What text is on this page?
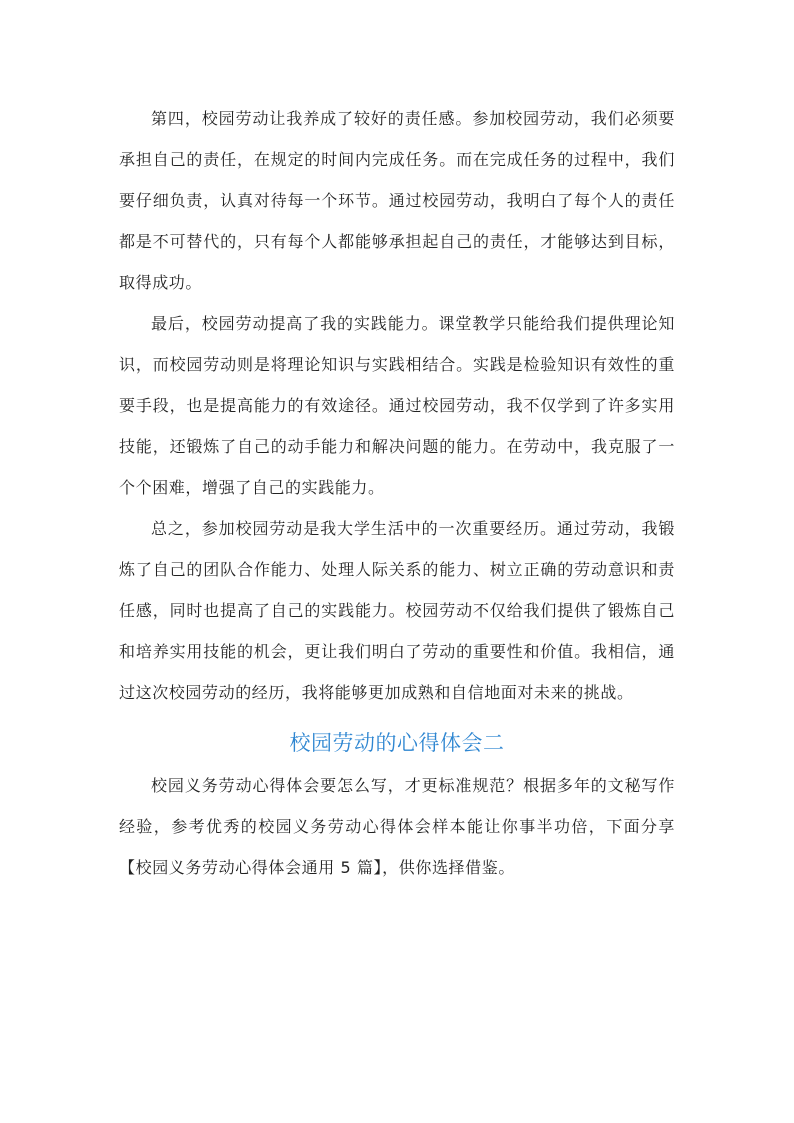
第四，校园劳动让我养成了较好的责任感。参加校园劳动，我们必须要承担自己的责任，在规定的时间内完成任务。而在完成任务的过程中，我们要仔细负责，认真对待每一个环节。通过校园劳动，我明白了每个人的责任都是不可替代的，只有每个人都能够承担起自己的责任，才能够达到目标，取得成功。

最后，校园劳动提高了我的实践能力。课堂教学只能给我们提供理论知识，而校园劳动则是将理论知识与实践相结合。实践是检验知识有效性的重要手段，也是提高能力的有效途径。通过校园劳动，我不仅学到了许多实用技能，还锻炼了自己的动手能力和解决问题的能力。在劳动中，我克服了一个个困难，增强了自己的实践能力。

总之，参加校园劳动是我大学生活中的一次重要经历。通过劳动，我锻炼了自己的团队合作能力、处理人际关系的能力、树立正确的劳动意识和责任感，同时也提高了自己的实践能力。校园劳动不仅给我们提供了锻炼自己和培养实用技能的机会，更让我们明白了劳动的重要性和价值。我相信，通过这次校园劳动的经历，我将能够更加成熟和自信地面对未来的挑战。

校园劳动的心得体会二

校园义务劳动心得体会要怎么写，才更标准规范？根据多年的文秘写作经验，参考优秀的校园义务劳动心得体会样本能让你事半功倍，下面分享【校园义务劳动心得体会通用 5 篇】，供你选择借鉴。
